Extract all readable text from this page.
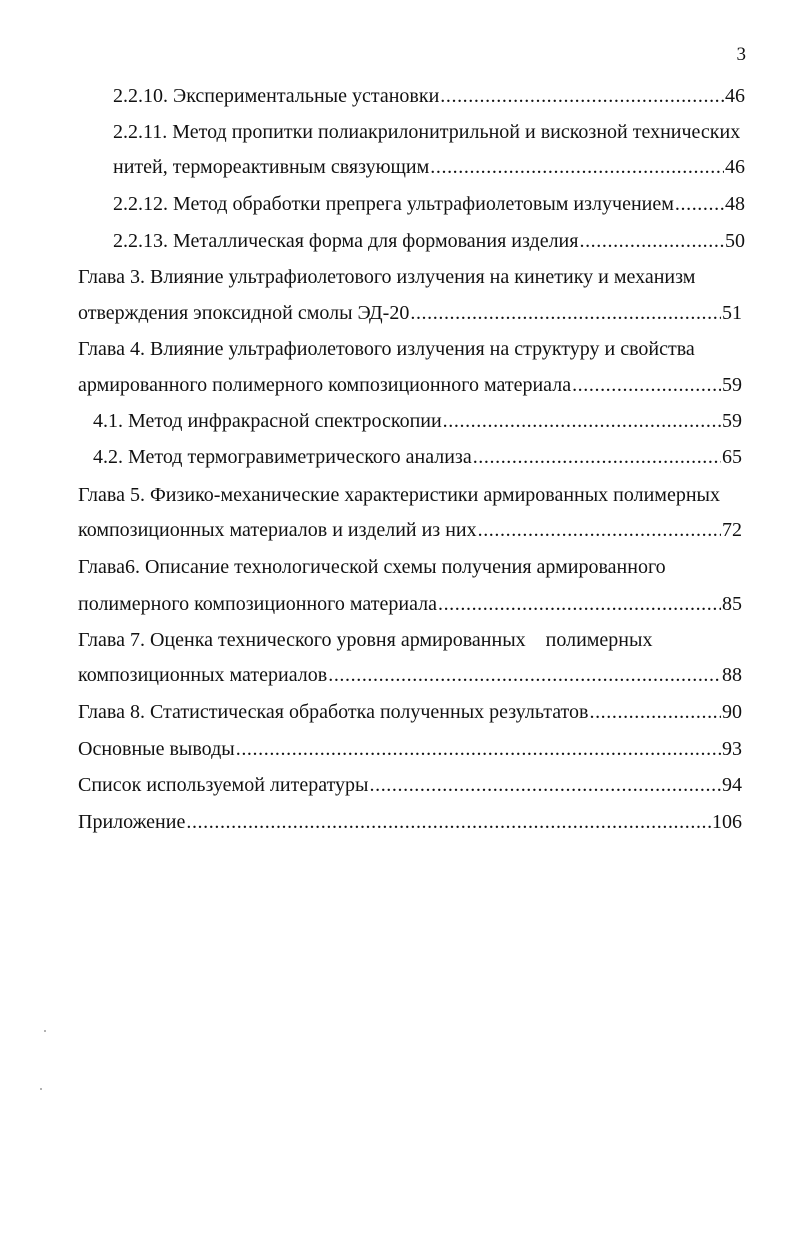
3
2.2.10. Экспериментальные установки .....	46
2.2.11. Метод пропитки полиакрилонитрильной и вискозной технических
нитей, термореактивным связующим .....	46
2.2.12. Метод обработки препрега ультрафиолетовым излучением .....	48
2.2.13. Металлическая форма для формования изделия .....	50
Глава 3. Влияние ультрафиолетового излучения на кинетику и механизм
отверждения эпоксидной смолы ЭД-20 .....	51
Глава 4. Влияние ультрафиолетового излучения на структуру и свойства
армированного полимерного композиционного материала .....	59
4.1. Метод инфракрасной спектроскопии .....	59
4.2. Метод термогравиметрического анализа .....	65
Глава 5. Физико-механические характеристики армированных полимерных
композиционных материалов и изделий из них .....	72
Глава6. Описание технологической схемы получения армированного
полимерного композиционного материала .....	85
Глава 7. Оценка технического уровня армированных    полимерных
композиционных материалов .....	88
Глава 8. Статистическая обработка полученных результатов .....	90
Основные выводы .....	93
Список используемой литературы .....	94
Приложение .....	106
